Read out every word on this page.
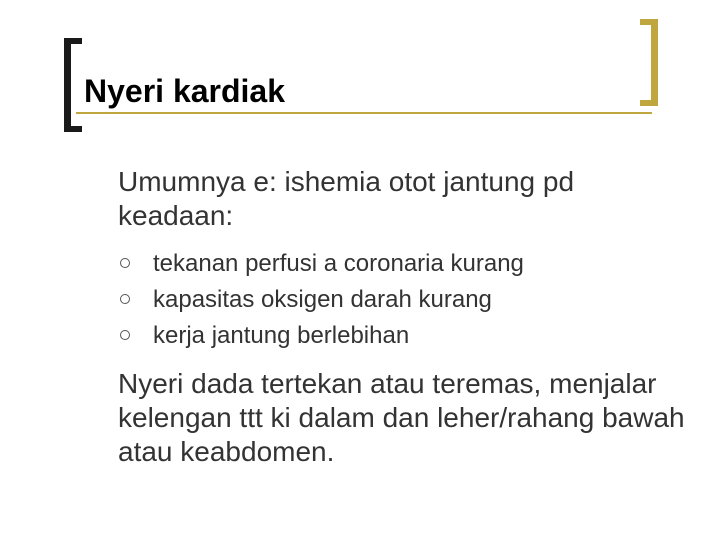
Nyeri kardiak

Umumnya e: ishemia otot jantung pd keadaan:

tekanan perfusi a coronaria kurang
kapasitas oksigen darah kurang
kerja jantung berlebihan

Nyeri dada tertekan atau teremas, menjalar kelengan ttt ki dalam dan leher/rahang bawah atau keabdomen.
